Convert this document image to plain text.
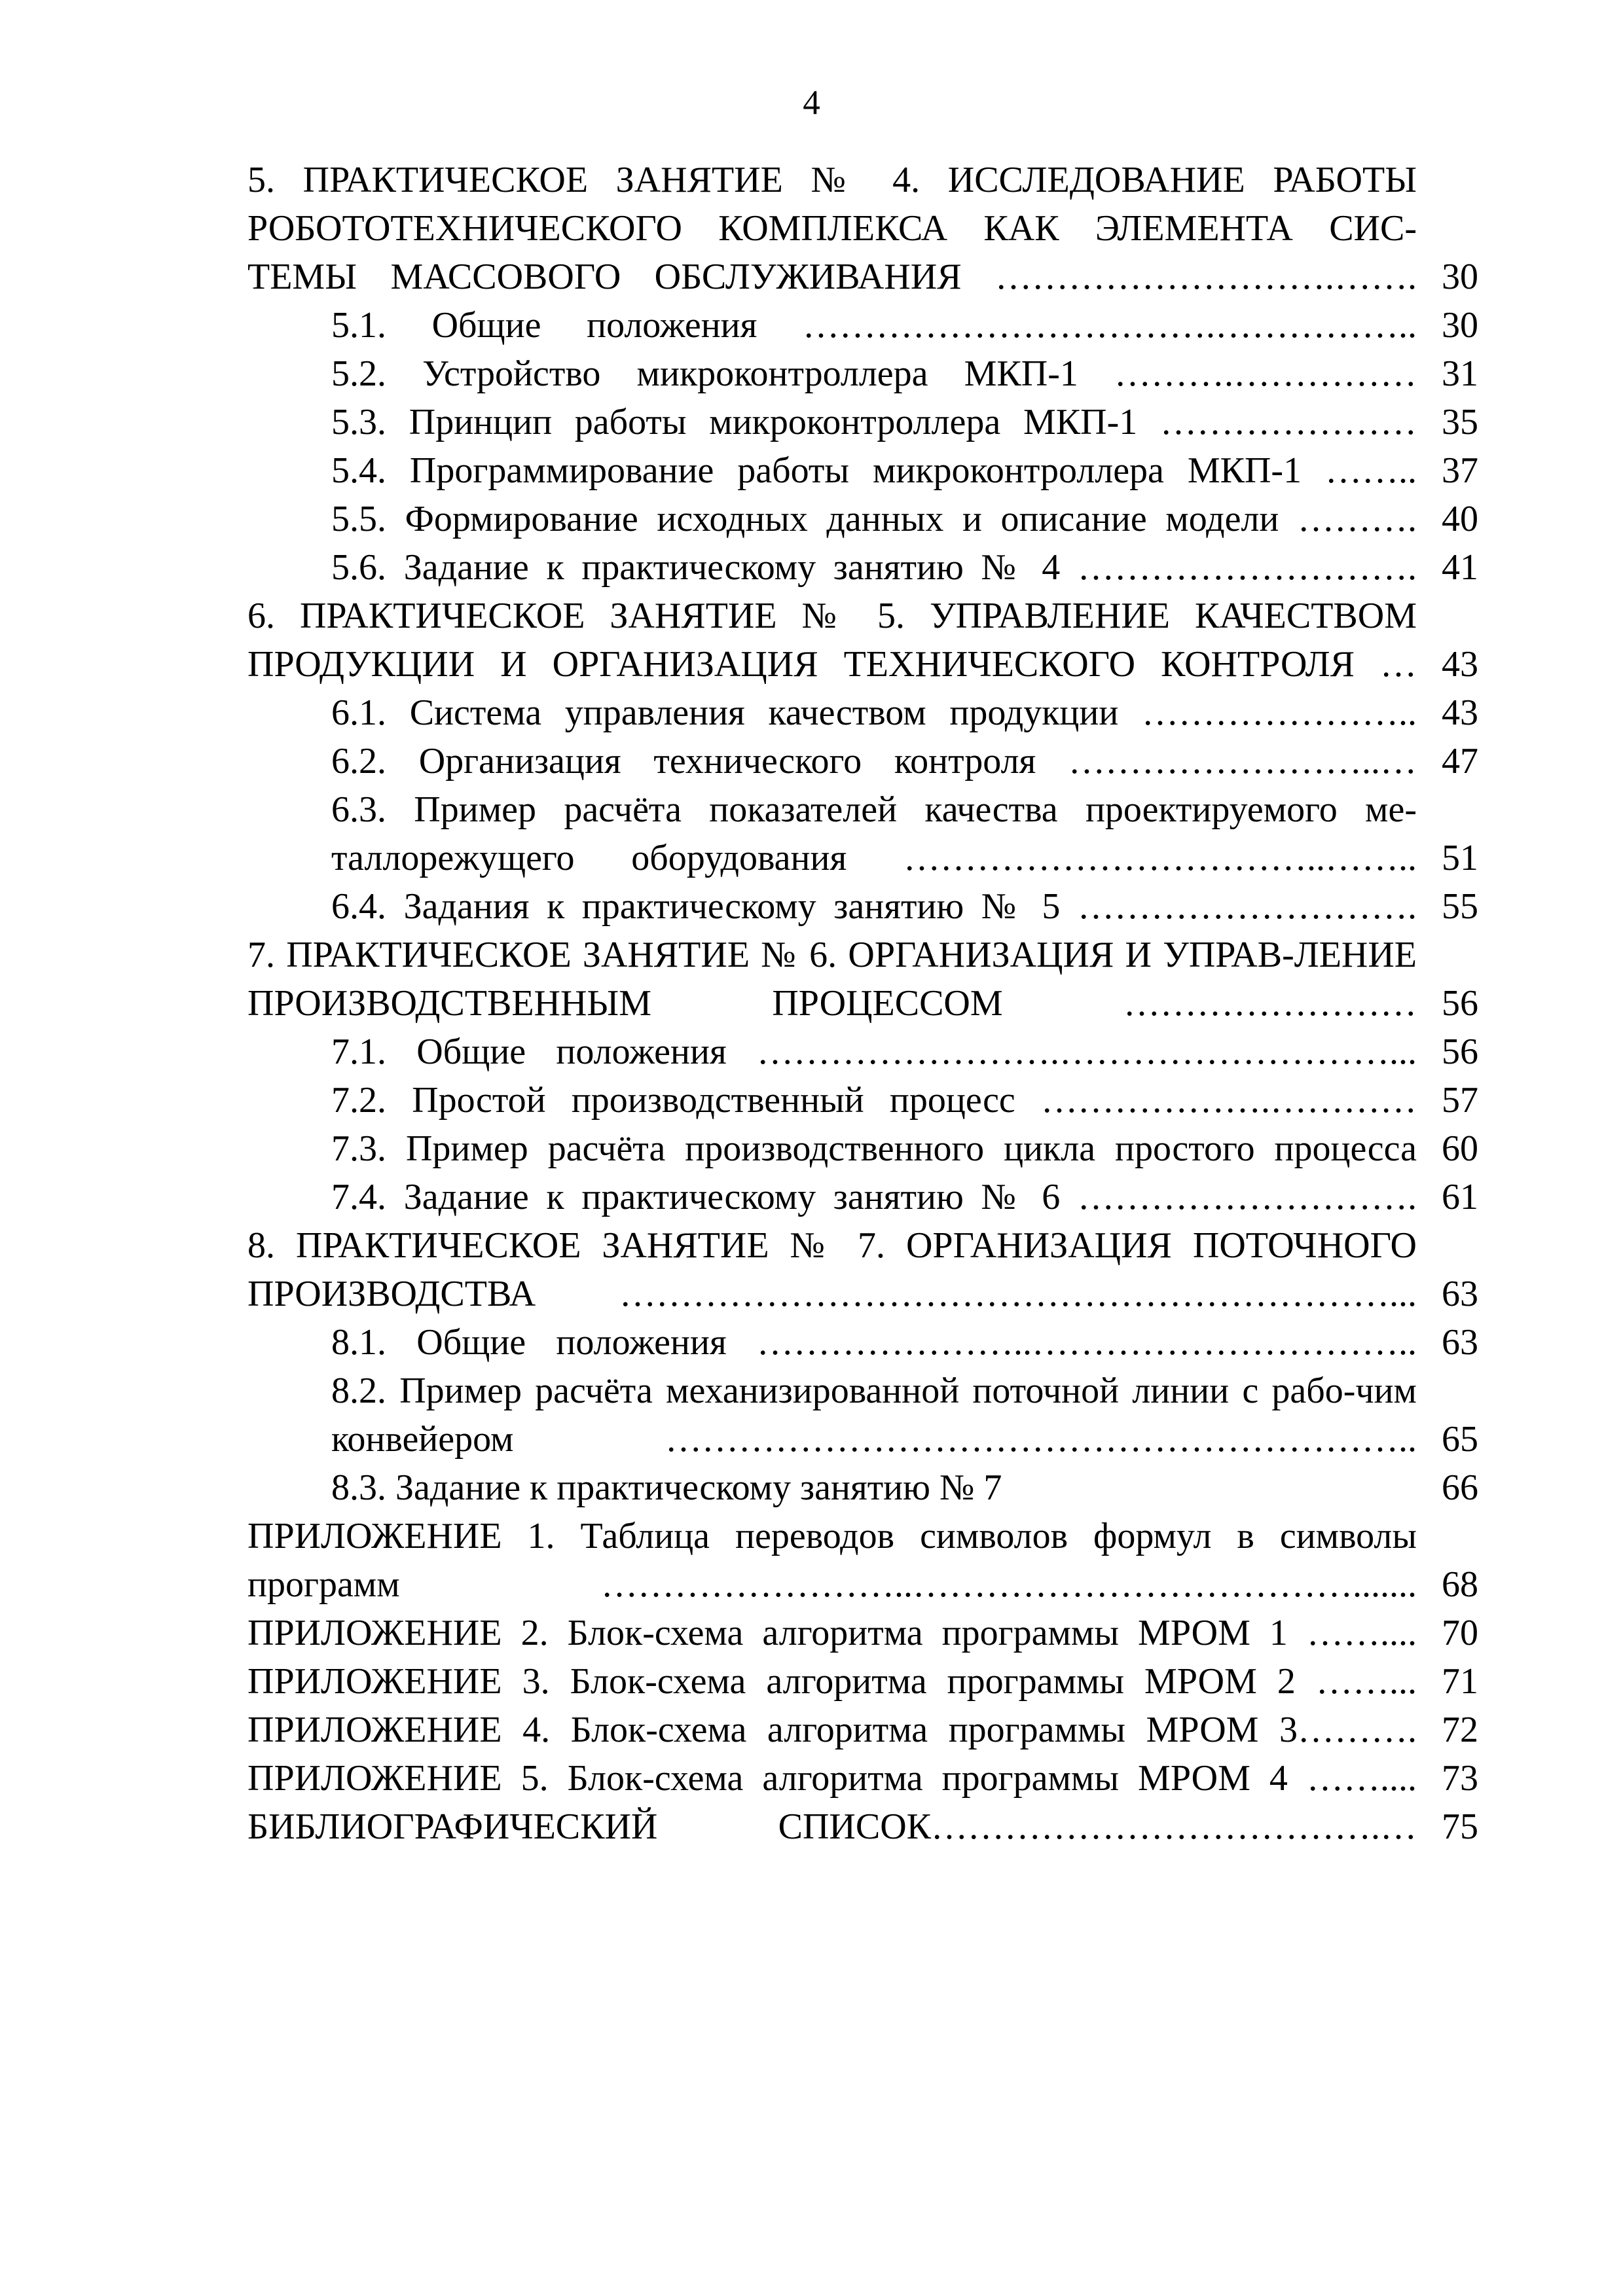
4
5. ПРАКТИЧЕСКОЕ ЗАНЯТИЕ № 4. ИССЛЕДОВАНИЕ РАБОТЫ РОБОТОТЕХНИЧЕСКОГО КОМПЛЕКСА КАК ЭЛЕМЕНТА СИС-ТЕМЫ МАССОВОГО ОБСЛУЖИВАНИЯ ……………………….……. 30
5.1. Общие положения …………………………….…………….. 30
5.2. Устройство микроконтроллера МКП-1 ……….…………… 31
5.3. Принцип работы микроконтроллера МКП-1 ………………… 35
5.4. Программирование работы микроконтроллера МКП-1 …….. 37
5.5. Формирование исходных данных и описание модели ………. 40
5.6. Задание к практическому занятию № 4 ………………………. 41
6. ПРАКТИЧЕСКОЕ ЗАНЯТИЕ № 5. УПРАВЛЕНИЕ КАЧЕСТВОМ ПРОДУКЦИИ И ОРГАНИЗАЦИЯ ТЕХНИЧЕСКОГО КОНТРОЛЯ … 43
6.1. Система управления качеством продукции ………………….. 43
6.2. Организация технического контроля ……………………..… 47
6.3. Пример расчёта показателей качества проектируемого ме-таллорежущего оборудования ……………………………..…….. 51
6.4. Задания к практическому занятию № 5 ………………………. 55
7. ПРАКТИЧЕСКОЕ ЗАНЯТИЕ № 6. ОРГАНИЗАЦИЯ И УПРАВ-ЛЕНИЕ ПРОИЗВОДСТВЕННЫМ ПРОЦЕССОМ …………………… 56
7.1. Общие положения …………………….………………………... 56
7.2. Простой производственный процесс ……………….………… 57
7.3. Пример расчёта производственного цикла простого процесса 60
7.4. Задание к практическому занятию № 6 ………………………. 61
8. ПРАКТИЧЕСКОЕ ЗАНЯТИЕ № 7. ОРГАНИЗАЦИЯ ПОТОЧНОГО ПРОИЗВОДСТВА ………………………………………………………... 63
8.1. Общие положения …………………..………………………….. 63
8.2. Пример расчёта механизированной поточной линии с рабо-чим конвейером …………………………………………………….. 65
8.3. Задание к практическому занятию № 7	66
ПРИЛОЖЕНИЕ 1. Таблица переводов символов формул в символы программ ……………………..………………………………....... 68
ПРИЛОЖЕНИЕ 2. Блок-схема алгоритма программы МРОМ 1 …….... 70
ПРИЛОЖЕНИЕ 3. Блок-схема алгоритма программы МРОМ 2 ……... 71
ПРИЛОЖЕНИЕ 4. Блок-схема алгоритма программы МРОМ 3………. 72
ПРИЛОЖЕНИЕ 5. Блок-схема алгоритма программы МРОМ 4 …….... 73
БИБЛИОГРАФИЧЕСКИЙ СПИСОК……………………………….… 75
